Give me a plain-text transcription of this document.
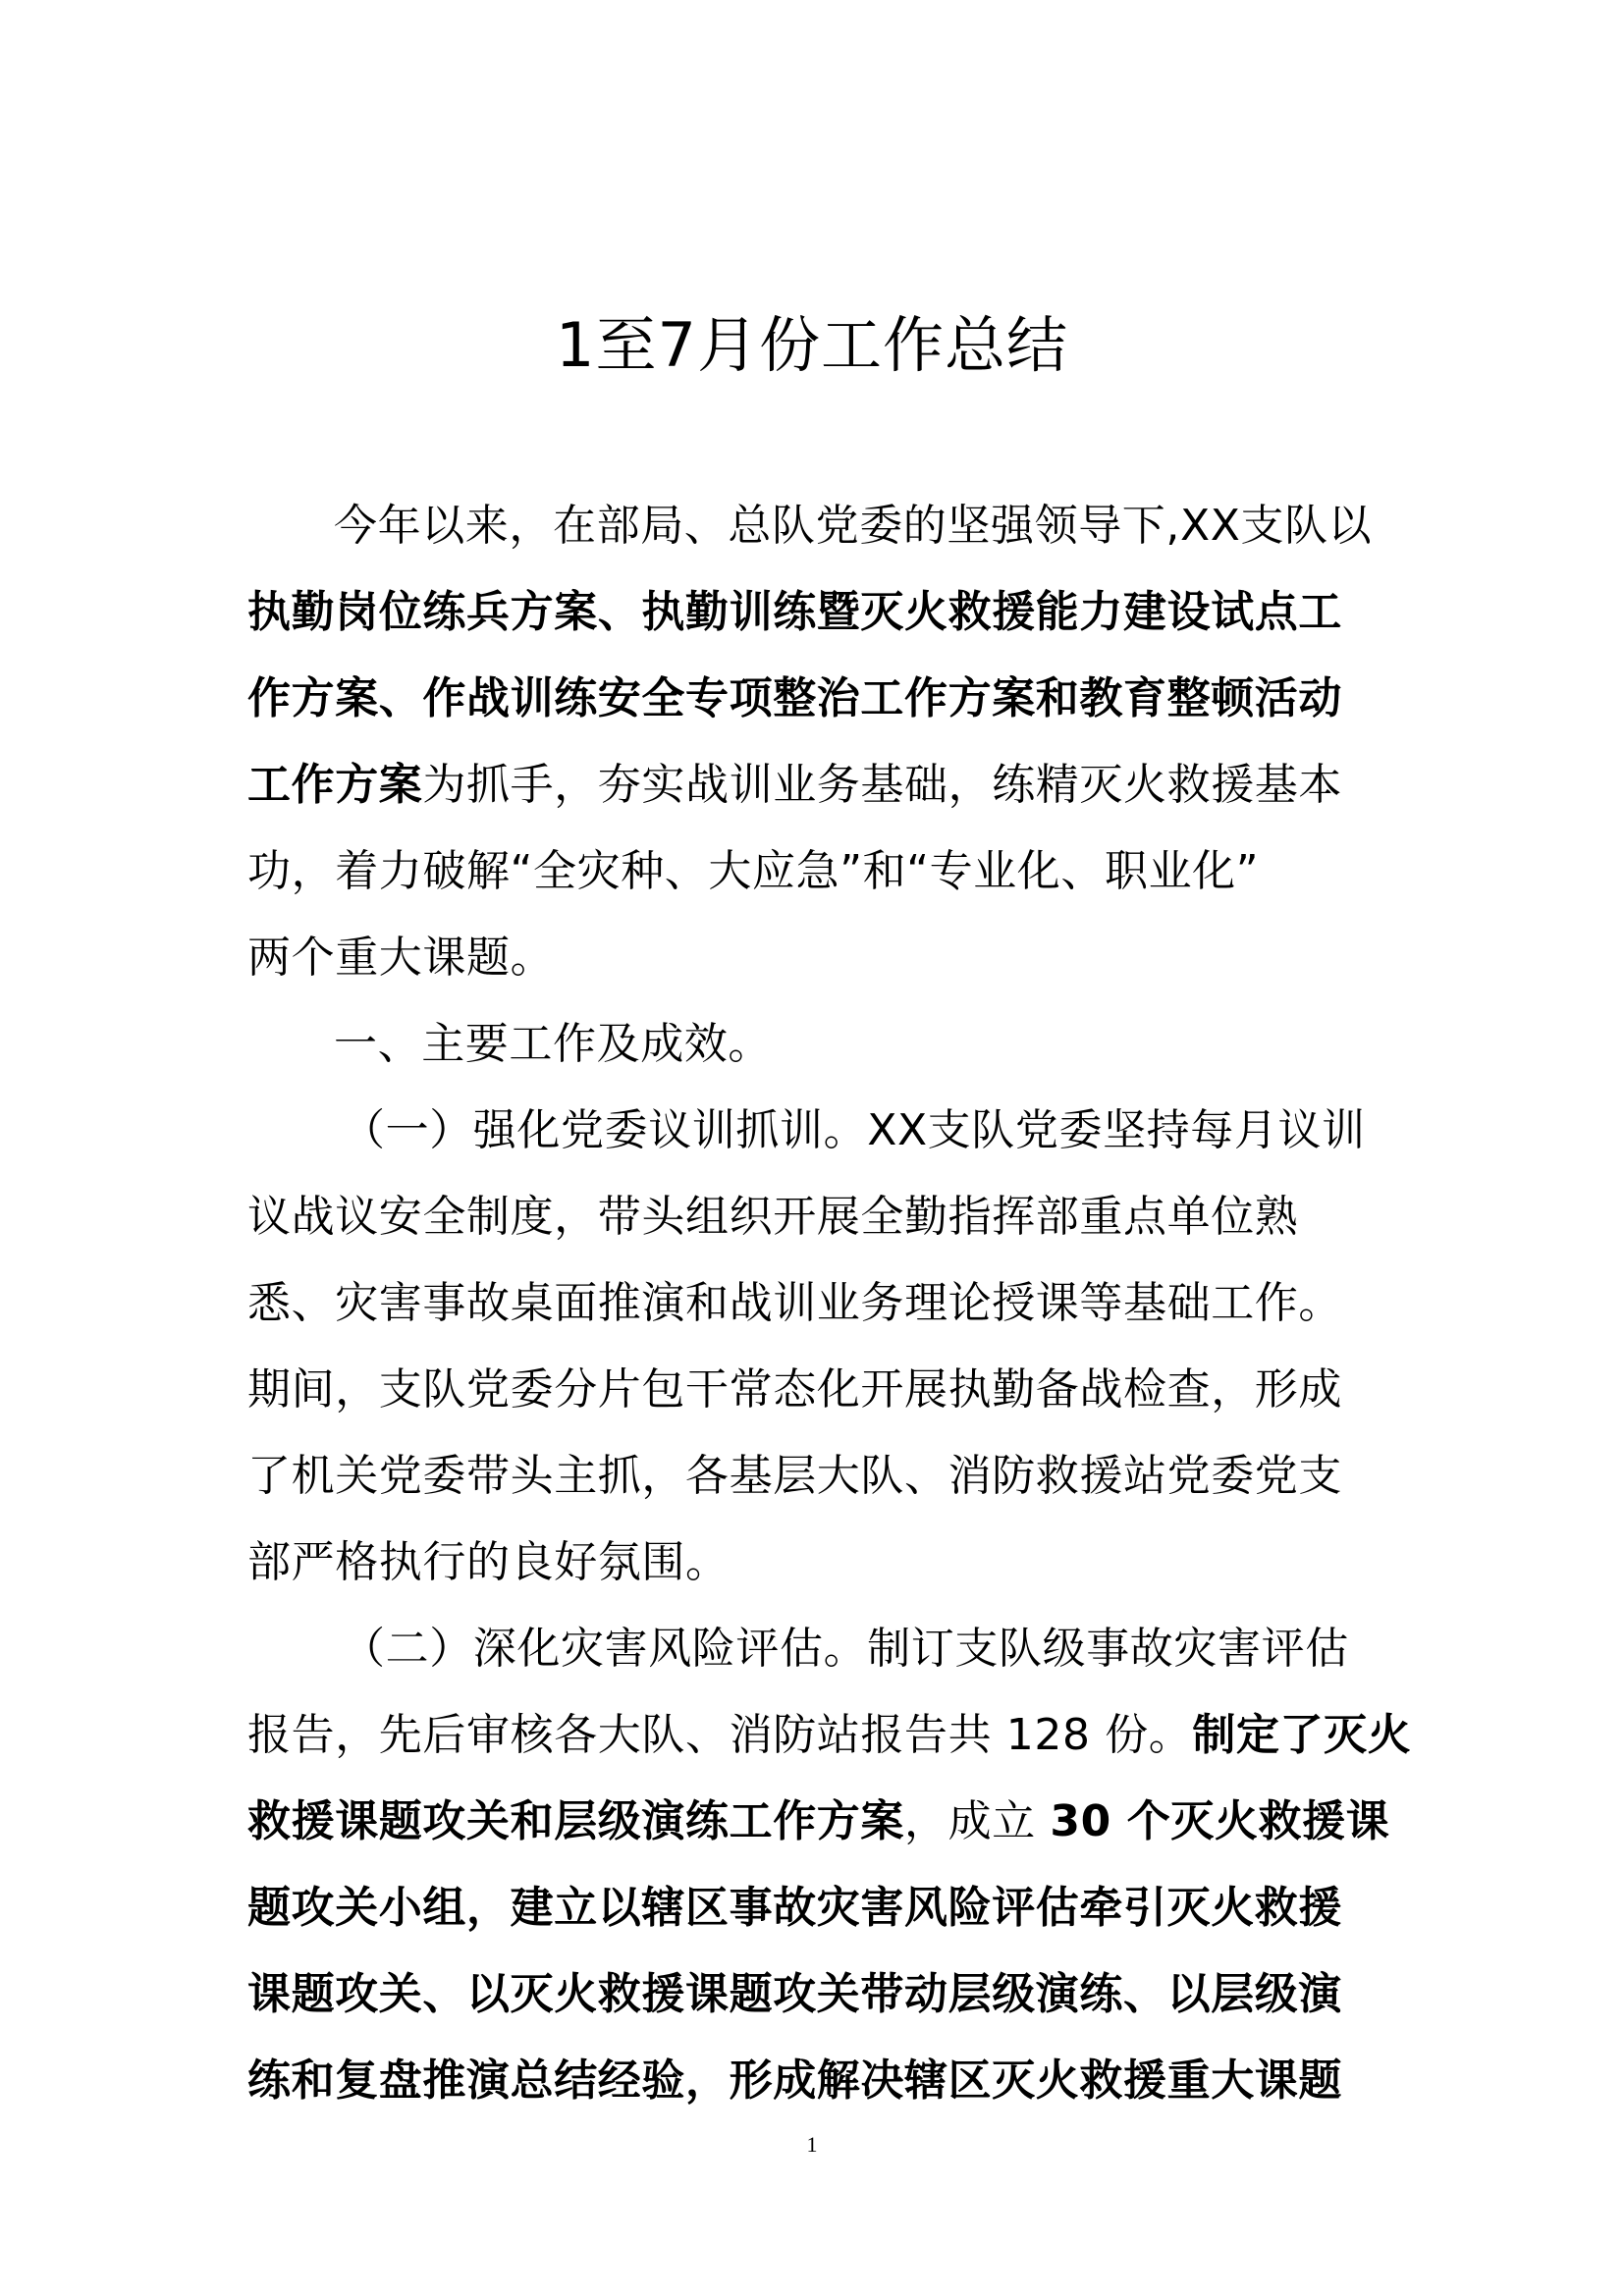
1至7月份工作总结
今年以来，在部局、总队党委的坚强领导下,XX支队以
执勤岗位练兵方案、执勤训练暨灭火救援能力建设试点工
作方案、作战训练安全专项整治工作方案和教育整顿活动
工作方案为抓手，夯实战训业务基础，练精灭火救援基本
功，着力破解“全灾种、大应急”和“专业化、职业化”
两个重大课题。
一、主要工作及成效。
（一）强化党委议训抓训。XX支队党委坚持每月议训
议战议安全制度，带头组织开展全勤指挥部重点单位熟
悉、灾害事故桌面推演和战训业务理论授课等基础工作。
期间，支队党委分片包干常态化开展执勤备战检查，形成
了机关党委带头主抓，各基层大队、消防救援站党委党支
部严格执行的良好氛围。
（二）深化灾害风险评估。制订支队级事故灾害评估
报告，先后审核各大队、消防站报告共 128 份。制定了灭火
救援课题攻关和层级演练工作方案，成立 30 个灭火救援课
题攻关小组，建立以辖区事故灾害风险评估牵引灭火救援
课题攻关、以灭火救援课题攻关带动层级演练、以层级演
练和复盘推演总结经验，形成解决辖区灭火救援重大课题
1
